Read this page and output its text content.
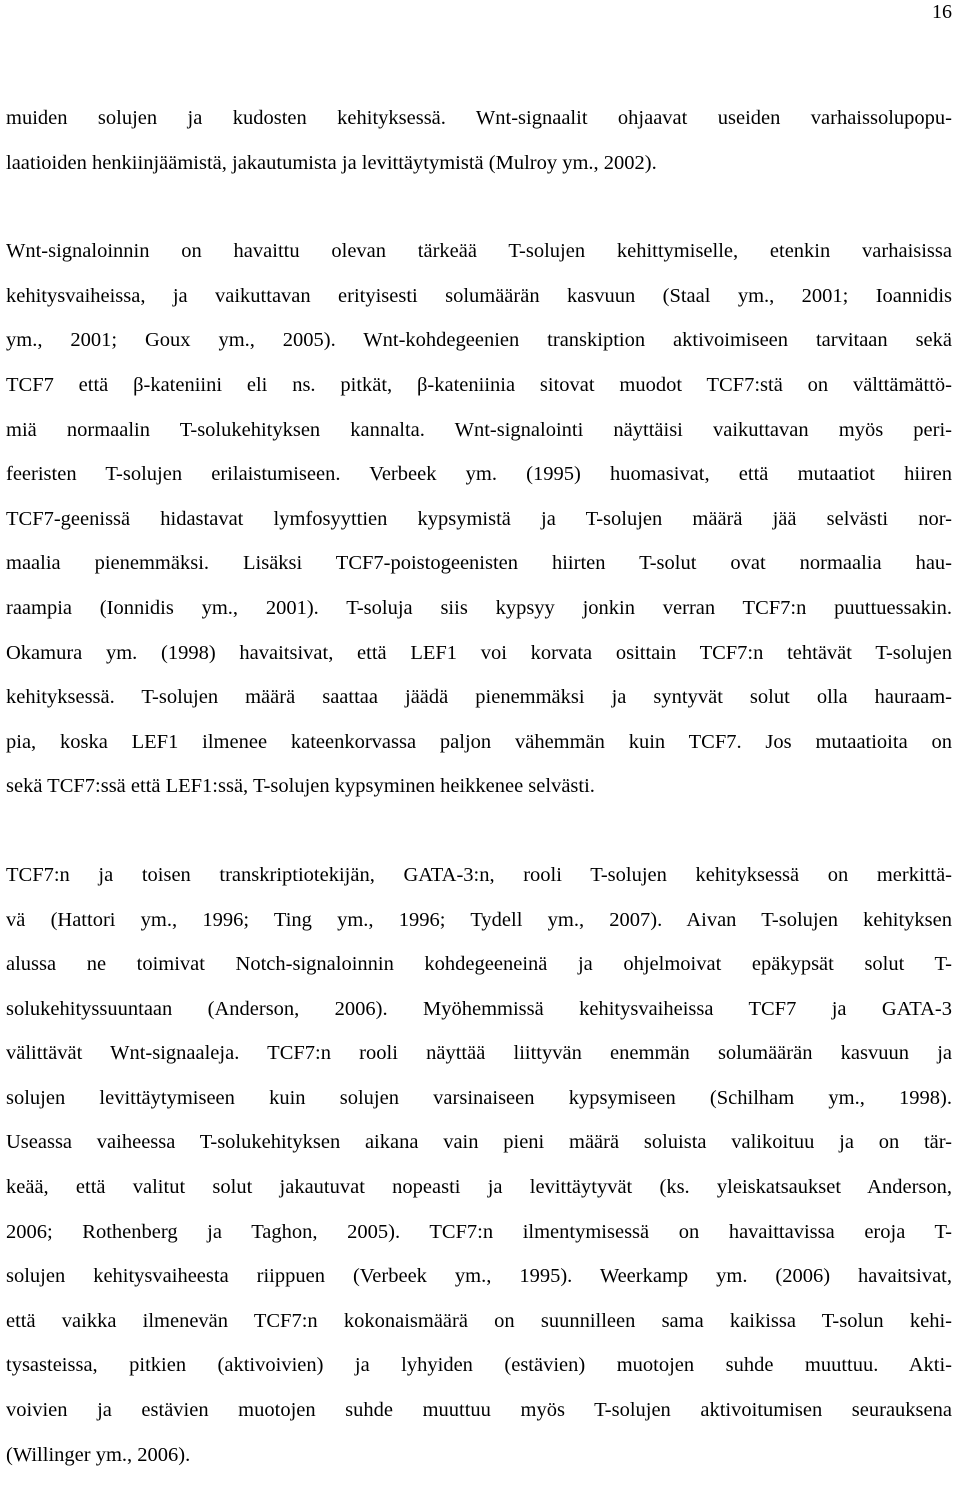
16
muiden solujen ja kudosten kehityksessä. Wnt-signaalit ohjaavat useiden varhaissolupopu-
laatioiden henkiinjäämistä, jakautumista ja levittäytymistä (Mulroy ym., 2002).
Wnt-signaloinnin on havaittu olevan tärkeää T-solujen kehittymiselle, etenkin varhaisissa
kehitysvaiheissa, ja vaikuttavan erityisesti solumäärän kasvuun (Staal ym., 2001; Ioannidis
ym., 2001; Goux ym., 2005). Wnt-kohdegeenien transkiption aktivoimiseen tarvitaan sekä
TCF7 että β-kateniini eli ns. pitkät, β-kateniinia sitovat muodot TCF7:stä on välttämättö-
miä normaalin T-solukehityksen kannalta. Wnt-signalointi näyttäisi vaikuttavan myös peri-
feeristen T-solujen erilaistumiseen. Verbeek ym. (1995) huomasivat, että mutaatiot hiiren
TCF7-geenissä hidastavat lymfosyyttien kypsymistä ja T-solujen määrä jää selvästi nor-
maalia pienemmäksi. Lisäksi TCF7-poistogeenisten hiirten T-solut ovat normaalia hau-
raampia (Ionnidis ym., 2001). T-soluja siis kypsyy jonkin verran TCF7:n puuttuessakin.
Okamura ym. (1998) havaitsivat, että LEF1 voi korvata osittain TCF7:n tehtävät T-solujen
kehityksessä. T-solujen määrä saattaa jäädä pienemmäksi ja syntyvät solut olla hauraam-
pia, koska LEF1 ilmenee kateenkorvassa paljon vähemmän kuin TCF7. Jos mutaatioita on
sekä TCF7:ssä että LEF1:ssä, T-solujen kypsyminen heikkenee selvästi.
TCF7:n ja toisen transkriptiotekijän, GATA-3:n, rooli T-solujen kehityksessä on merkittä-
vä (Hattori ym., 1996; Ting ym., 1996; Tydell ym., 2007). Aivan T-solujen kehityksen
alussa ne toimivat Notch-signaloinnin kohdegeeneinä ja ohjelmoivat epäkypsät solut T-
solukehityssuuntaan (Anderson, 2006). Myöhemmissä kehitysvaiheissa TCF7 ja GATA-3
välittävät Wnt-signaaleja. TCF7:n rooli näyttää liittyvän enemmän solumäärän kasvuun ja
solujen levittäytymiseen kuin solujen varsinaiseen kypsymiseen (Schilham ym., 1998).
Useassa vaiheessa T-solukehityksen aikana vain pieni määrä soluista valikoituu ja on tär-
keää, että valitut solut jakautuvat nopeasti ja levittäytyvät (ks. yleiskatsaukset Anderson,
2006; Rothenberg ja Taghon, 2005). TCF7:n ilmentymisessä on havaittavissa eroja T-
solujen kehitysvaiheesta riippuen (Verbeek ym., 1995). Weerkamp ym. (2006) havaitsivat,
että vaikka ilmenevän TCF7:n kokonaismäärä on suunnilleen sama kaikissa T-solun kehi-
tysasteissa, pitkien (aktivoivien) ja lyhyiden (estävien) muotojen suhde muuttuu. Akti-
voivien ja estävien muotojen suhde muuttuu myös T-solujen aktivoitumisen seurauksena
(Willinger ym., 2006).
